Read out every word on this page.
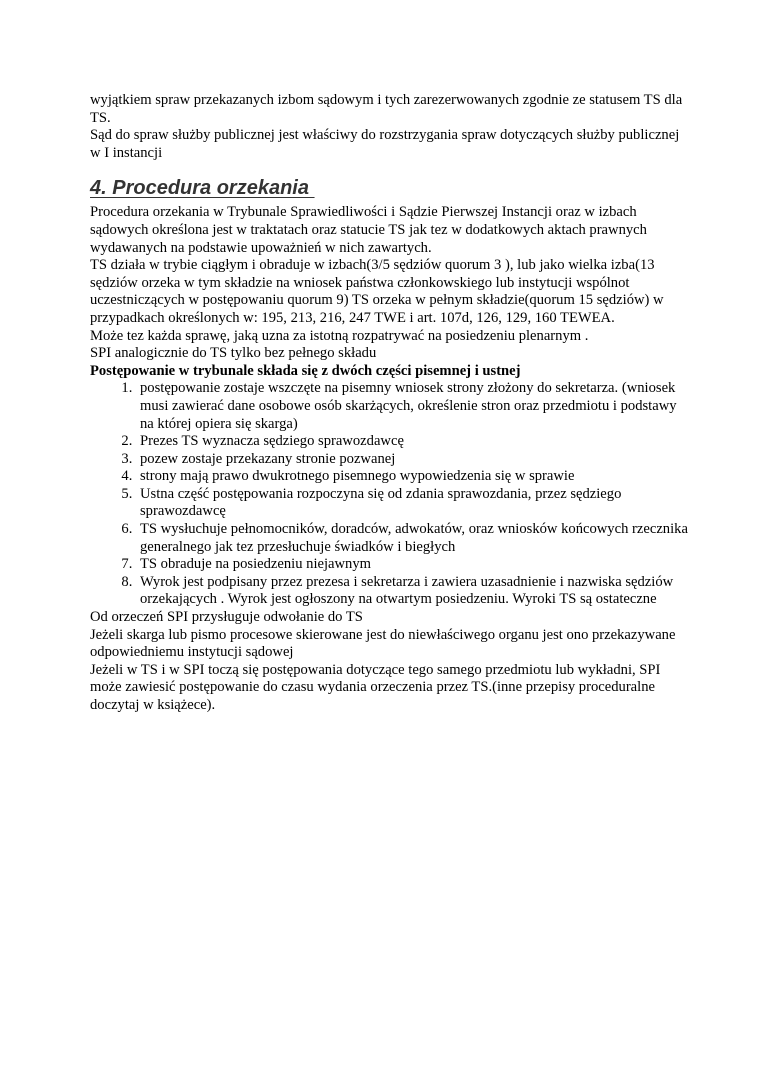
wyjątkiem spraw przekazanych izbom sądowym i tych zarezerwowanych zgodnie ze statusem TS dla TS.

Sąd do spraw służby publicznej jest właściwy do rozstrzygania spraw dotyczących służby publicznej w I instancji

4. Procedura orzekania

Procedura orzekania w Trybunale Sprawiedliwości i Sądzie Pierwszej Instancji oraz w izbach sądowych określona jest w traktatach oraz statucie TS jak tez w dodatkowych aktach prawnych wydawanych na podstawie upoważnień w nich zawartych.

TS działa w trybie ciągłym i obraduje w izbach(3/5 sędziów quorum 3 ), lub jako wielka izba(13 sędziów orzeka w tym składzie na wniosek państwa członkowskiego lub instytucji wspólnot uczestniczących w postępowaniu quorum 9) TS orzeka w pełnym składzie(quorum 15 sędziów) w przypadkach określonych w: 195, 213, 216, 247 TWE i art. 107d, 126, 129, 160 TEWEA.

Może tez każda sprawę, jaką uzna za istotną rozpatrywać na posiedzeniu plenarnym .

SPI analogicznie do TS tylko bez pełnego składu

Postępowanie w trybunale składa się z dwóch części pisemnej i ustnej

1. postępowanie zostaje wszczęte na pisemny wniosek strony złożony do sekretarza. (wniosek musi zawierać dane osobowe osób skarżących, określenie stron oraz przedmiotu i podstawy na której opiera się skarga)
2. Prezes TS wyznacza sędziego sprawozdawcę
3. pozew zostaje przekazany stronie pozwanej
4. strony mają prawo dwukrotnego pisemnego wypowiedzenia się w sprawie
5. Ustna część postępowania rozpoczyna się od zdania sprawozdania, przez sędziego sprawozdawcę
6. TS wysłuchuje pełnomocników, doradców, adwokatów, oraz wniosków końcowych rzecznika generalnego jak tez przesłuchuje świadków i biegłych
7. TS obraduje na posiedzeniu niejawnym
8. Wyrok jest podpisany przez prezesa i sekretarza i zawiera uzasadnienie i nazwiska sędziów orzekających . Wyrok jest ogłoszony na otwartym posiedzeniu. Wyroki TS są ostateczne

Od orzeczeń SPI przysługuje odwołanie do TS

Jeżeli skarga lub pismo procesowe skierowane jest do niewłaściwego organu jest ono przekazywane odpowiedniemu instytucji sądowej

Jeżeli w TS i w SPI toczą się postępowania dotyczące tego samego przedmiotu lub wykładni, SPI może zawiesić postępowanie do czasu wydania orzeczenia przez TS.(inne przepisy proceduralne doczytaj w książece).
